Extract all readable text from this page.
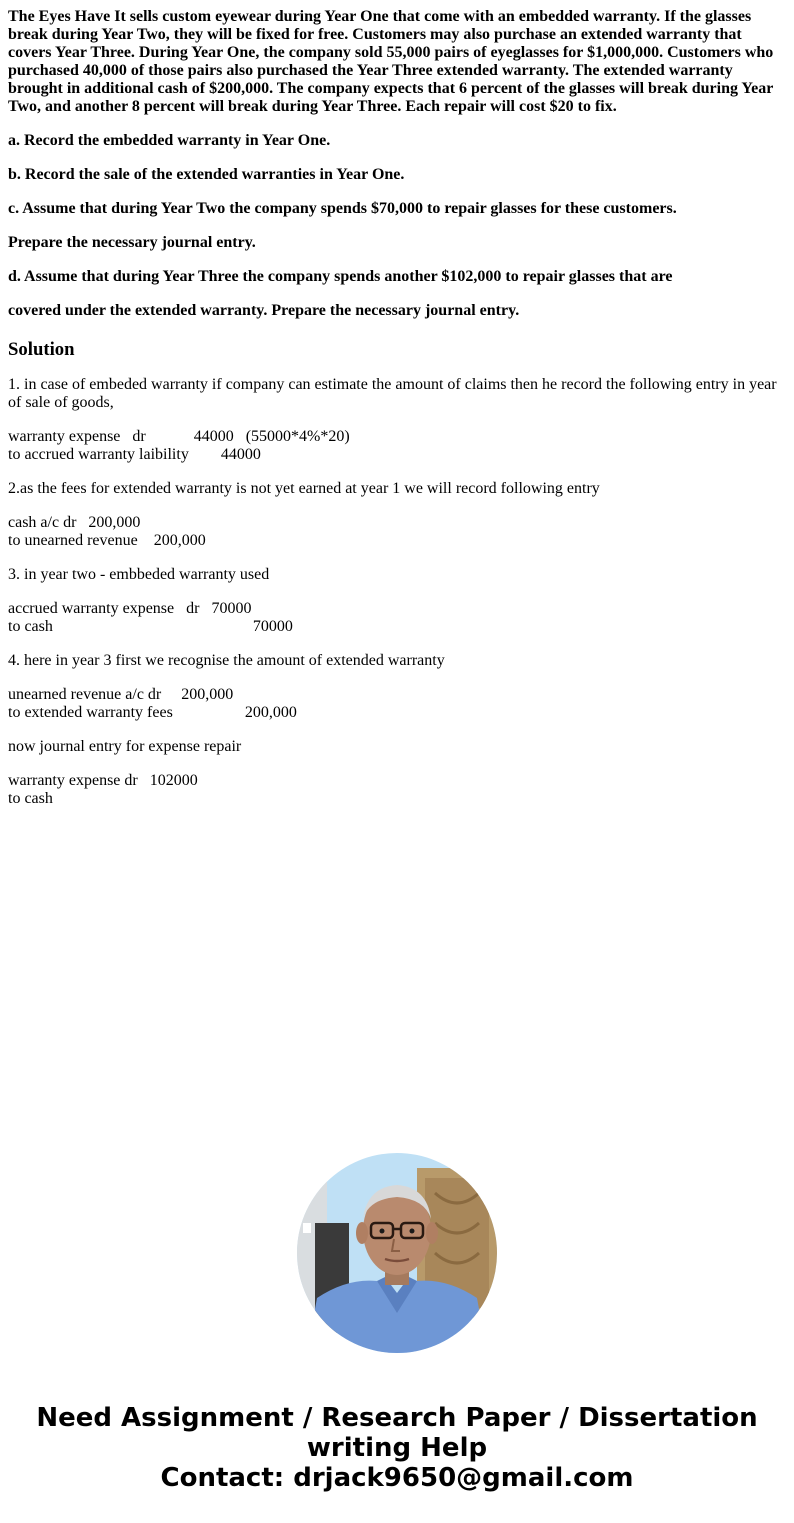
The Eyes Have It sells custom eyewear during Year One that come with an embedded warranty. If the glasses break during Year Two, they will be fixed for free. Customers may also purchase an extended warranty that covers Year Three. During Year One, the company sold 55,000 pairs of eyeglasses for $1,000,000. Customers who purchased 40,000 of those pairs also purchased the Year Three extended warranty. The extended warranty brought in additional cash of $200,000. The company expects that 6 percent of the glasses will break during Year Two, and another 8 percent will break during Year Three. Each repair will cost $20 to fix.

a. Record the embedded warranty in Year One.

b. Record the sale of the extended warranties in Year One.

c. Assume that during Year Two the company spends $70,000 to repair glasses for these customers.

Prepare the necessary journal entry.

d. Assume that during Year Three the company spends another $102,000 to repair glasses that are

covered under the extended warranty. Prepare the necessary journal entry.

Solution

1. in case of embeded warranty if company can estimate the amount of claims then he record the following entry in year of sale of goods,

warranty expense   dr            44000   (55000*4%*20)
to accrued warranty laibility        44000

2.as the fees for extended warranty is not yet earned at year 1 we will record following entry

cash a/c dr   200,000
to unearned revenue    200,000

3. in year two - embbeded warranty used

accrued warranty expense   dr   70000
to cash                                                  70000

4. here in year 3 first we recognise the amount of extended warranty

unearned revenue a/c dr     200,000
to extended warranty fees                  200,000

now journal entry for expense repair

warranty expense dr   102000
to cash

Need Assignment / Research Paper / Dissertation
writing Help
Contact: drjack9650@gmail.com
